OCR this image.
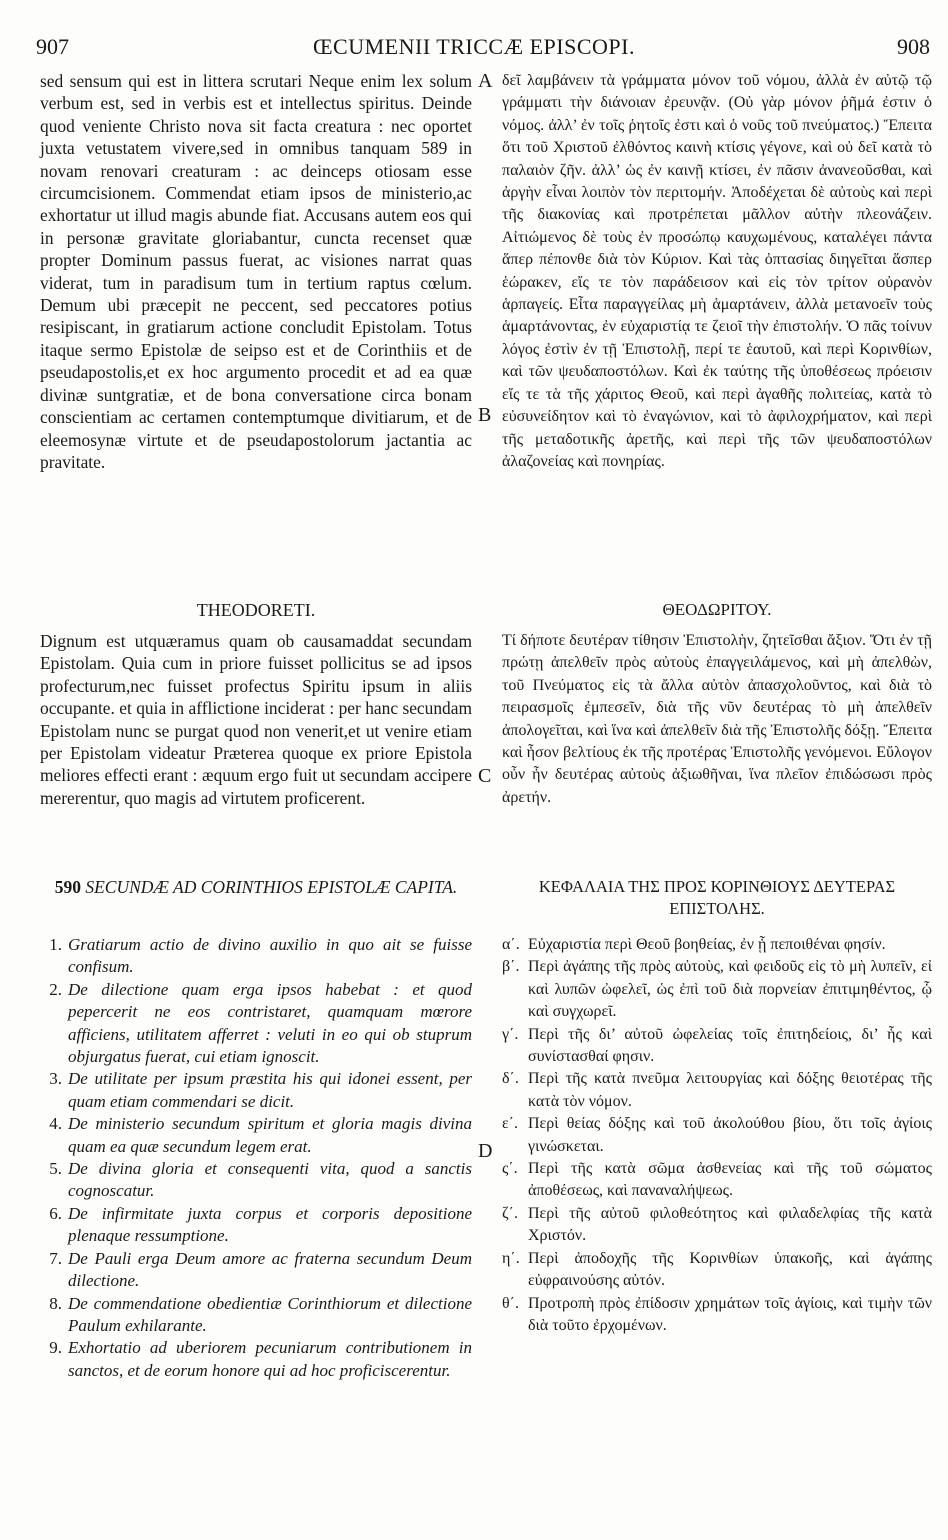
907	ŒCUMENII TRICCÆ EPISCOPI.	908

sed sensum qui est in littera scrutari Neque enim lex solum verbum est, sed in verbis est et intellectus spiritus. Deinde quod veniente Christo nova sit facta creatura : nec oportet juxta vetustatem vivere,sed in omnibus tanquam 589 in novam renovari creaturam : ac deinceps otiosam esse circumcisionem. Commendat etiam ipsos de ministerio,ac exhortatur ut illud magis abunde fiat. Accusans autem eos qui in personæ gravitate gloriabantur, cuncta recenset quæ propter Dominum passus fuerat, ac visiones narrat quas viderat, tum in paradisum tum in tertium raptus cœlum. Demum ubi præcepit ne peccent, sed peccatores potius resipiscant, in gratiarum actione concludit Epistolam. Totus itaque sermo Epistolæ de seipso est et de Corinthiis et de pseudapostolis,et ex hoc argumento procedit et ad ea quæ divinæ suntgratiæ, et de bona conversatione circa bonam conscientiam ac certamen contemptumque divitiarum, et de eleemosynæ virtute et de pseudapostolorum jactantia ac pravitate.

δεῖ λαμβάνειν τὰ γράμματα μόνον τοῦ νόμου, ἀλλὰ ἐν αὐτῷ τῷ γράμματι τὴν διάνοιαν ἐρευνᾷν. (Οὐ γὰρ μόνον ῥῆμά ἐστιν ὁ νόμος. ἀλλ’ ἐν τοῖς ῥητοῖς ἐστι καὶ ὁ νοῦς τοῦ πνεύματος.) Ἔπειτα ὅτι τοῦ Χριστοῦ ἐλθόντος καινὴ κτίσις γέγονε, καὶ οὐ δεῖ κατὰ τὸ παλαιὸν ζῆν. ἀλλ’ ὡς ἐν καινῇ κτίσει, ἐν πᾶσιν ἀνανεοῦσθαι, καὶ ἀργὴν εἶναι λοιπὸν τὸν περιτομήν. Ἀποδέχεται δὲ αὐτοὺς καὶ περὶ τῆς διακονίας καὶ προτρέπεται μᾶλλον αὐτὴν πλεονάζειν. Αἰτιώμενος δὲ τοὺς ἐν προσώπῳ καυχωμένους, καταλέγει πάντα ἅπερ πέπονθε διὰ τὸν Κύριον. Καὶ τὰς ὀπτασίας διηγεῖται ἅσπερ ἑώρακεν, εἴς τε τὸν παράδεισον καὶ εἰς τὸν τρίτον οὐρανὸν ἁρπαγείς. Εἶτα παραγγείλας μὴ ἁμαρτάνειν, ἀλλὰ μετανοεῖν τοὺς ἁμαρτάνοντας, ἐν εὐχαριστίᾳ τε ζειοῖ τὴν ἐπιστολήν. Ὁ πᾶς τοίνυν λόγος ἐστὶν ἐν τῇ Ἐπιστολῇ, περί τε ἑαυτοῦ, καὶ περὶ Κορινθίων, καὶ τῶν ψευδαποστόλων. Καὶ ἐκ ταύτης τῆς ὑποθέσεως πρόεισιν εἴς τε τὰ τῆς χάριτος Θεοῦ, καὶ περὶ ἀγαθῆς πολιτείας, κατὰ τὸ εὐσυνείδητον καὶ τὸ ἐναγώνιον, καὶ τὸ ἀφιλοχρήματον, καὶ περὶ τῆς μεταδοτικῆς ἀρετῆς, καὶ περὶ τῆς τῶν ψευδαποστόλων ἀλαζονείας καὶ πονηρίας.

A
B
THEODORETI.	ΘΕΟΔΩΡΙΤΟΥ.

Dignum est utquæramus quam ob causamaddat secundam Epistolam. Quia cum in priore fuisset pollicitus se ad ipsos profecturum,nec fuisset profectus Spiritu ipsum in aliis occupante. et quia in afflictione inciderat : per hanc secundam Epistolam nunc se purgat quod non venerit,et ut venire etiam per Epistolam videatur Præterea quoque ex priore Epistola meliores effecti erant : æquum ergo fuit ut secundam accipere mererentur, quo magis ad virtutem proficerent.

Τί δήποτε δευτέραν τίθησιν Ἐπιστολὴν, ζητεῖσθαι ἄξιον. Ὅτι ἐν τῇ πρώτῃ ἀπελθεῖν πρὸς αὐτοὺς ἐπαγγειλάμενος, καὶ μὴ ἀπελθὼν, τοῦ Πνεύματος εἰς τὰ ἄλλα αὐτὸν ἀπασχολοῦντος, καὶ διὰ τὸ πειρασμοῖς ἐμπεσεῖν, διὰ τῆς νῦν δευτέρας τὸ μὴ ἀπελθεῖν ἀπολογεῖται, καὶ ἵνα καὶ ἀπελθεῖν διὰ τῆς Ἐπιστολῆς δόξῃ. Ἔπειτα καὶ ἦσον βελτίους ἐκ τῆς προτέρας Ἐπιστολῆς γενόμενοι. Εὔλογον οὖν ἦν δευτέρας αὐτοὺς ἀξιωθῆναι, ἵνα πλεῖον ἐπιδώσωσι πρὸς ἀρετήν.

C
590 SECUNDÆ AD CORINTHIOS EPISTOLÆ CAPITA.	ΚΕΦΑΛΑΙΑ ΤΗΣ ΠΡΟΣ ΚΟΡΙΝΘΙΟΥΣ ΔΕΥΤΕΡΑΣ ΕΠΙΣΤΟΛΗΣ.
1. Gratiarum actio de divino auxilio in quo ait se fuisse confisum.
2. De dilectione quam erga ipsos habebat : et quod pepercerit ne eos contristaret, quamquam mœrore afficiens, utilitatem afferret : veluti in eo qui ob stuprum objurgatus fuerat, cui etiam ignoscit.
3. De utilitate per ipsum præstita his qui idonei essent, per quam etiam commendari se dicit.
4. De ministerio secundum spiritum et gloria magis divina quam ea quæ secundum legem erat.
5. De divina gloria et consequenti vita, quod a sanctis cognoscatur.
6. De infirmitate juxta corpus et corporis depositione plenaque ressumptione.
7. De Pauli erga Deum amore ac fraterna secundum Deum dilectione.
8. De commendatione obedientiæ Corinthiorum et dilectione Paulum exhilarante.
9. Exhortatio ad uberiorem pecuniarum contributionem in sanctos, et de eorum honore qui ad hoc proficiscerentur.
α΄. Εὐχαριστία περὶ Θεοῦ βοηθείας, ἐν ᾗ πεποιθέναι φησίν.
β΄. Περὶ ἀγάπης τῆς πρὸς αὐτοὺς, καὶ φειδοῦς εἰς τὸ μὴ λυπεῖν, εἰ καὶ λυπῶν ὠφελεῖ, ὡς ἐπὶ τοῦ διὰ πορνείαν ἐπιτιμηθέντος, ᾧ καὶ συγχωρεῖ.
γ΄. Περὶ τῆς δι’ αὐτοῦ ὠφελείας τοῖς ἐπιτηδείοις, δι’ ἧς καὶ συνίστασθαί φησιν.
δ΄. Περὶ τῆς κατὰ πνεῦμα λειτουργίας καὶ δόξης θειοτέρας τῆς κατὰ τὸν νόμον.
ε΄. Περὶ θείας δόξης καὶ τοῦ ἀκολούθου βίου, ὅτι τοῖς ἁγίοις γινώσκεται.
ς΄. Περὶ τῆς κατὰ σῶμα ἀσθενείας καὶ τῆς τοῦ σώματος ἀποθέσεως, καὶ παναναλήψεως.
ζ΄. Περὶ τῆς αὐτοῦ φιλοθεότητος καὶ φιλαδελφίας τῆς κατὰ Χριστόν.
η΄. Περὶ ἀποδοχῆς τῆς Κορινθίων ὑπακοῆς, καὶ ἀγάπης εὐφραινούσης αὐτόν.
θ΄. Προτροπὴ πρὸς ἐπίδοσιν χρημάτων τοῖς ἁγίοις, καὶ τιμὴν τῶν διὰ τοῦτο ἐρχομένων.
D
